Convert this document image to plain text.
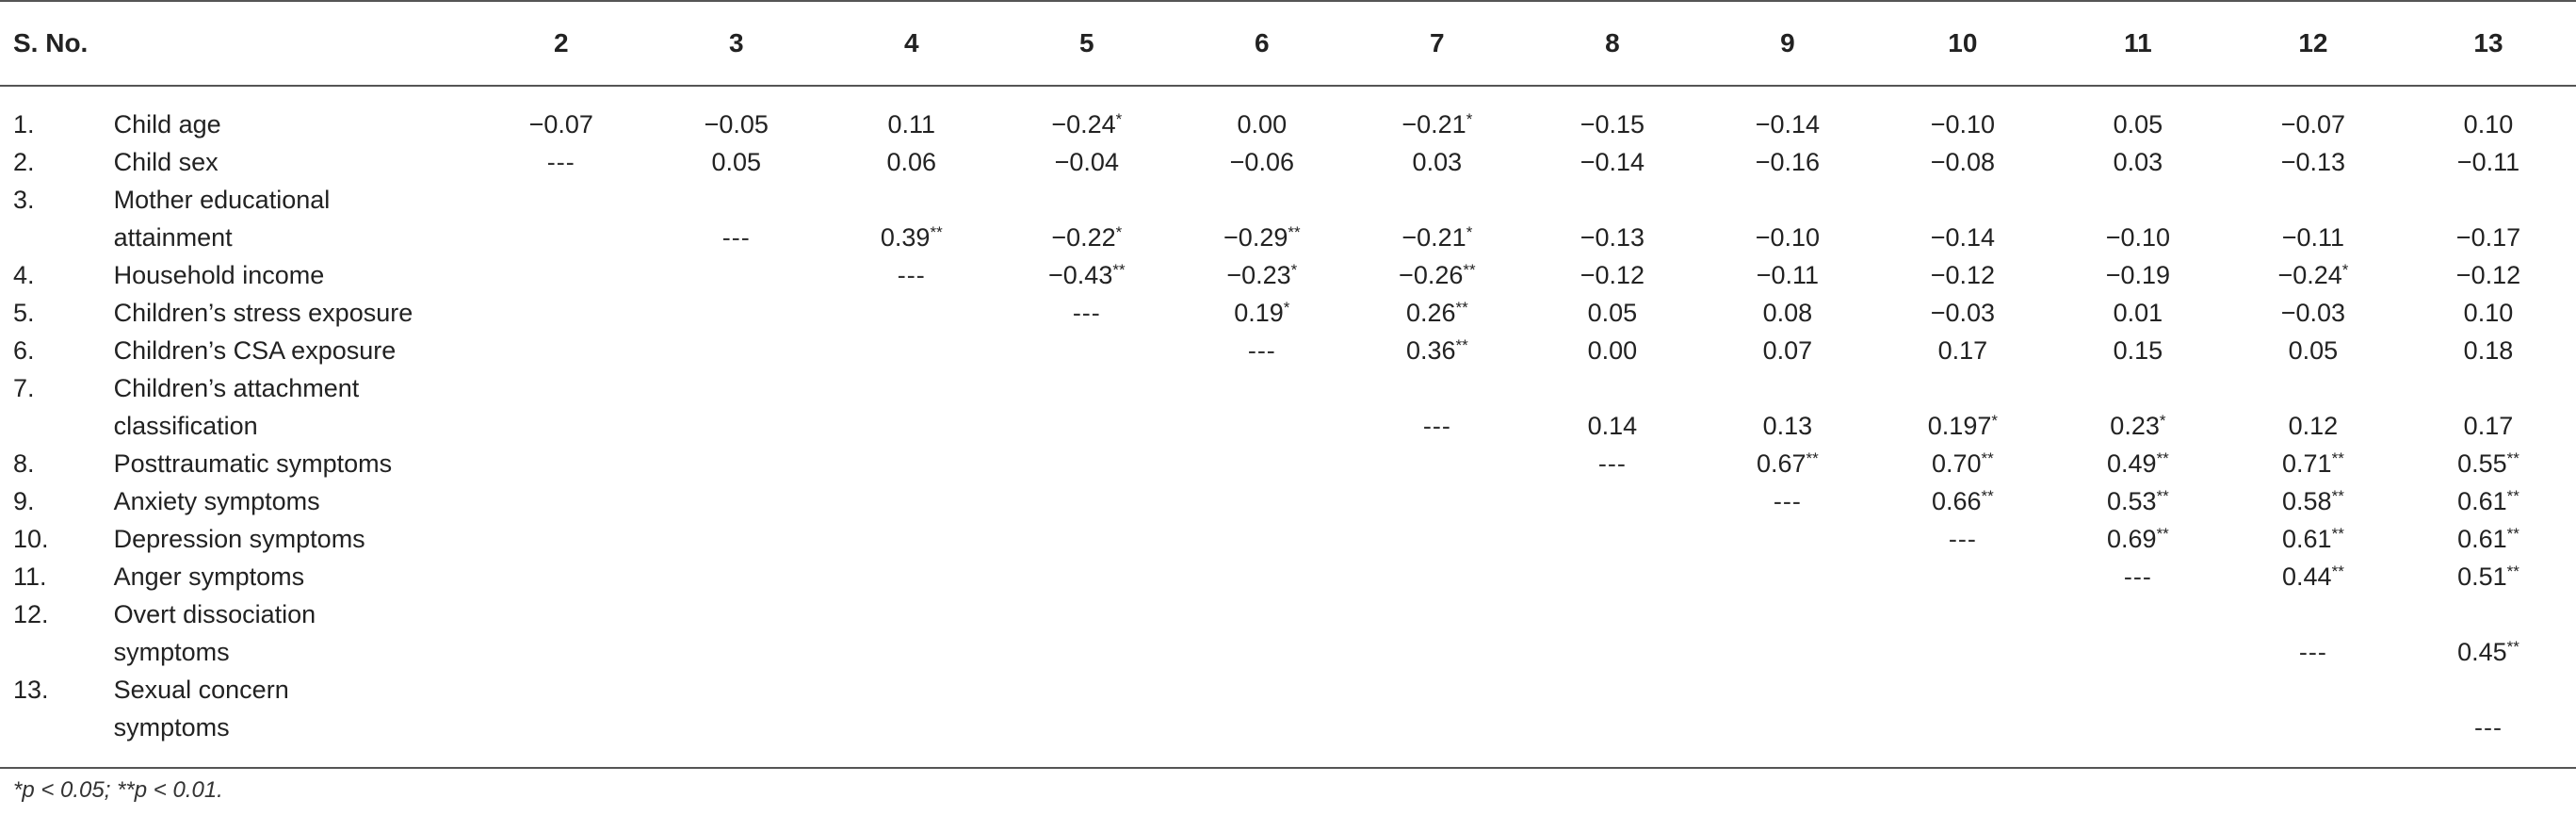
S. No.		2	3	4	5	6	7	8	9	10	11	12	13

1.	Child age	−0.07	−0.05	0.11	−0.24*	0.00	−0.21*	−0.15	−0.14	−0.10	0.05	−0.07	0.10
2.	Child sex	---	0.05	0.06	−0.04	−0.06	0.03	−0.14	−0.16	−0.08	0.03	−0.13	−0.11
3.	Mother educational												
	attainment		---	0.39**	−0.22*	−0.29**	−0.21*	−0.13	−0.10	−0.14	−0.10	−0.11	−0.17
4.	Household income			---	−0.43**	−0.23*	−0.26**	−0.12	−0.11	−0.12	−0.19	−0.24*	−0.12
5.	Children’s stress exposure				---	0.19*	0.26**	0.05	0.08	−0.03	0.01	−0.03	0.10
6.	Children’s CSA exposure					---	0.36**	0.00	0.07	0.17	0.15	0.05	0.18
7.	Children’s attachment												
	classification						---	0.14	0.13	0.197*	0.23*	0.12	0.17
8.	Posttraumatic symptoms							---	0.67**	0.70**	0.49**	0.71**	0.55**
9.	Anxiety symptoms								---	0.66**	0.53**	0.58**	0.61**
10.	Depression symptoms									---	0.69**	0.61**	0.61**
11.	Anger symptoms										---	0.44**	0.51**
12.	Overt dissociation												
	symptoms											---	0.45**
13.	Sexual concern												
	symptoms												---

*p < 0.05; **p < 0.01.
